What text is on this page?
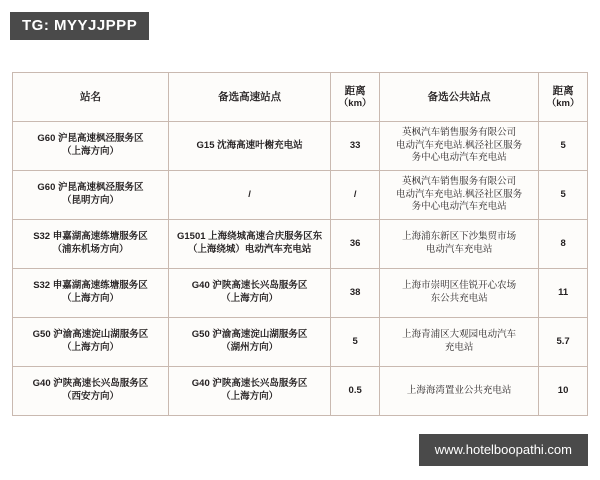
TG: MYYJJPPP
站名	备选高速站点	距离
（km）	备选公共站点	距离
（km）

G60 沪昆高速枫泾服务区
（上海方向）	G15 沈海高速叶榭充电站	33	英枫汽车销售服务有限公司
电动汽车充电站.枫泾社区服务
务中心电动汽车充电站	5

G60 沪昆高速枫泾服务区
（昆明方向）	/	/	英枫汽车销售服务有限公司
电动汽车充电站.枫泾社区服务
务中心电动汽车充电站	5

S32 申嘉湖高速练塘服务区
（浦东机场方向）	G1501 上海绕城高速合庆服务区东
（上海绕城）电动汽车充电站	36	上海浦东新区下沙集贸市场
电动汽车充电站	8

S32 申嘉湖高速练塘服务区
（上海方向）	G40 沪陕高速长兴岛服务区
（上海方向）	38	上海市崇明区佳锐开心农场
东公共充电站	11

G50 沪渝高速淀山湖服务区
（上海方向）	G50 沪渝高速淀山湖服务区
（湖州方向）	5	上海青浦区大观园电动汽车
充电站	5.7

G40 沪陕高速长兴岛服务区
（西安方向）	G40 沪陕高速长兴岛服务区
（上海方向）	0.5	上海海湾置业公共充电站	10
www.hotelboopathi.com
